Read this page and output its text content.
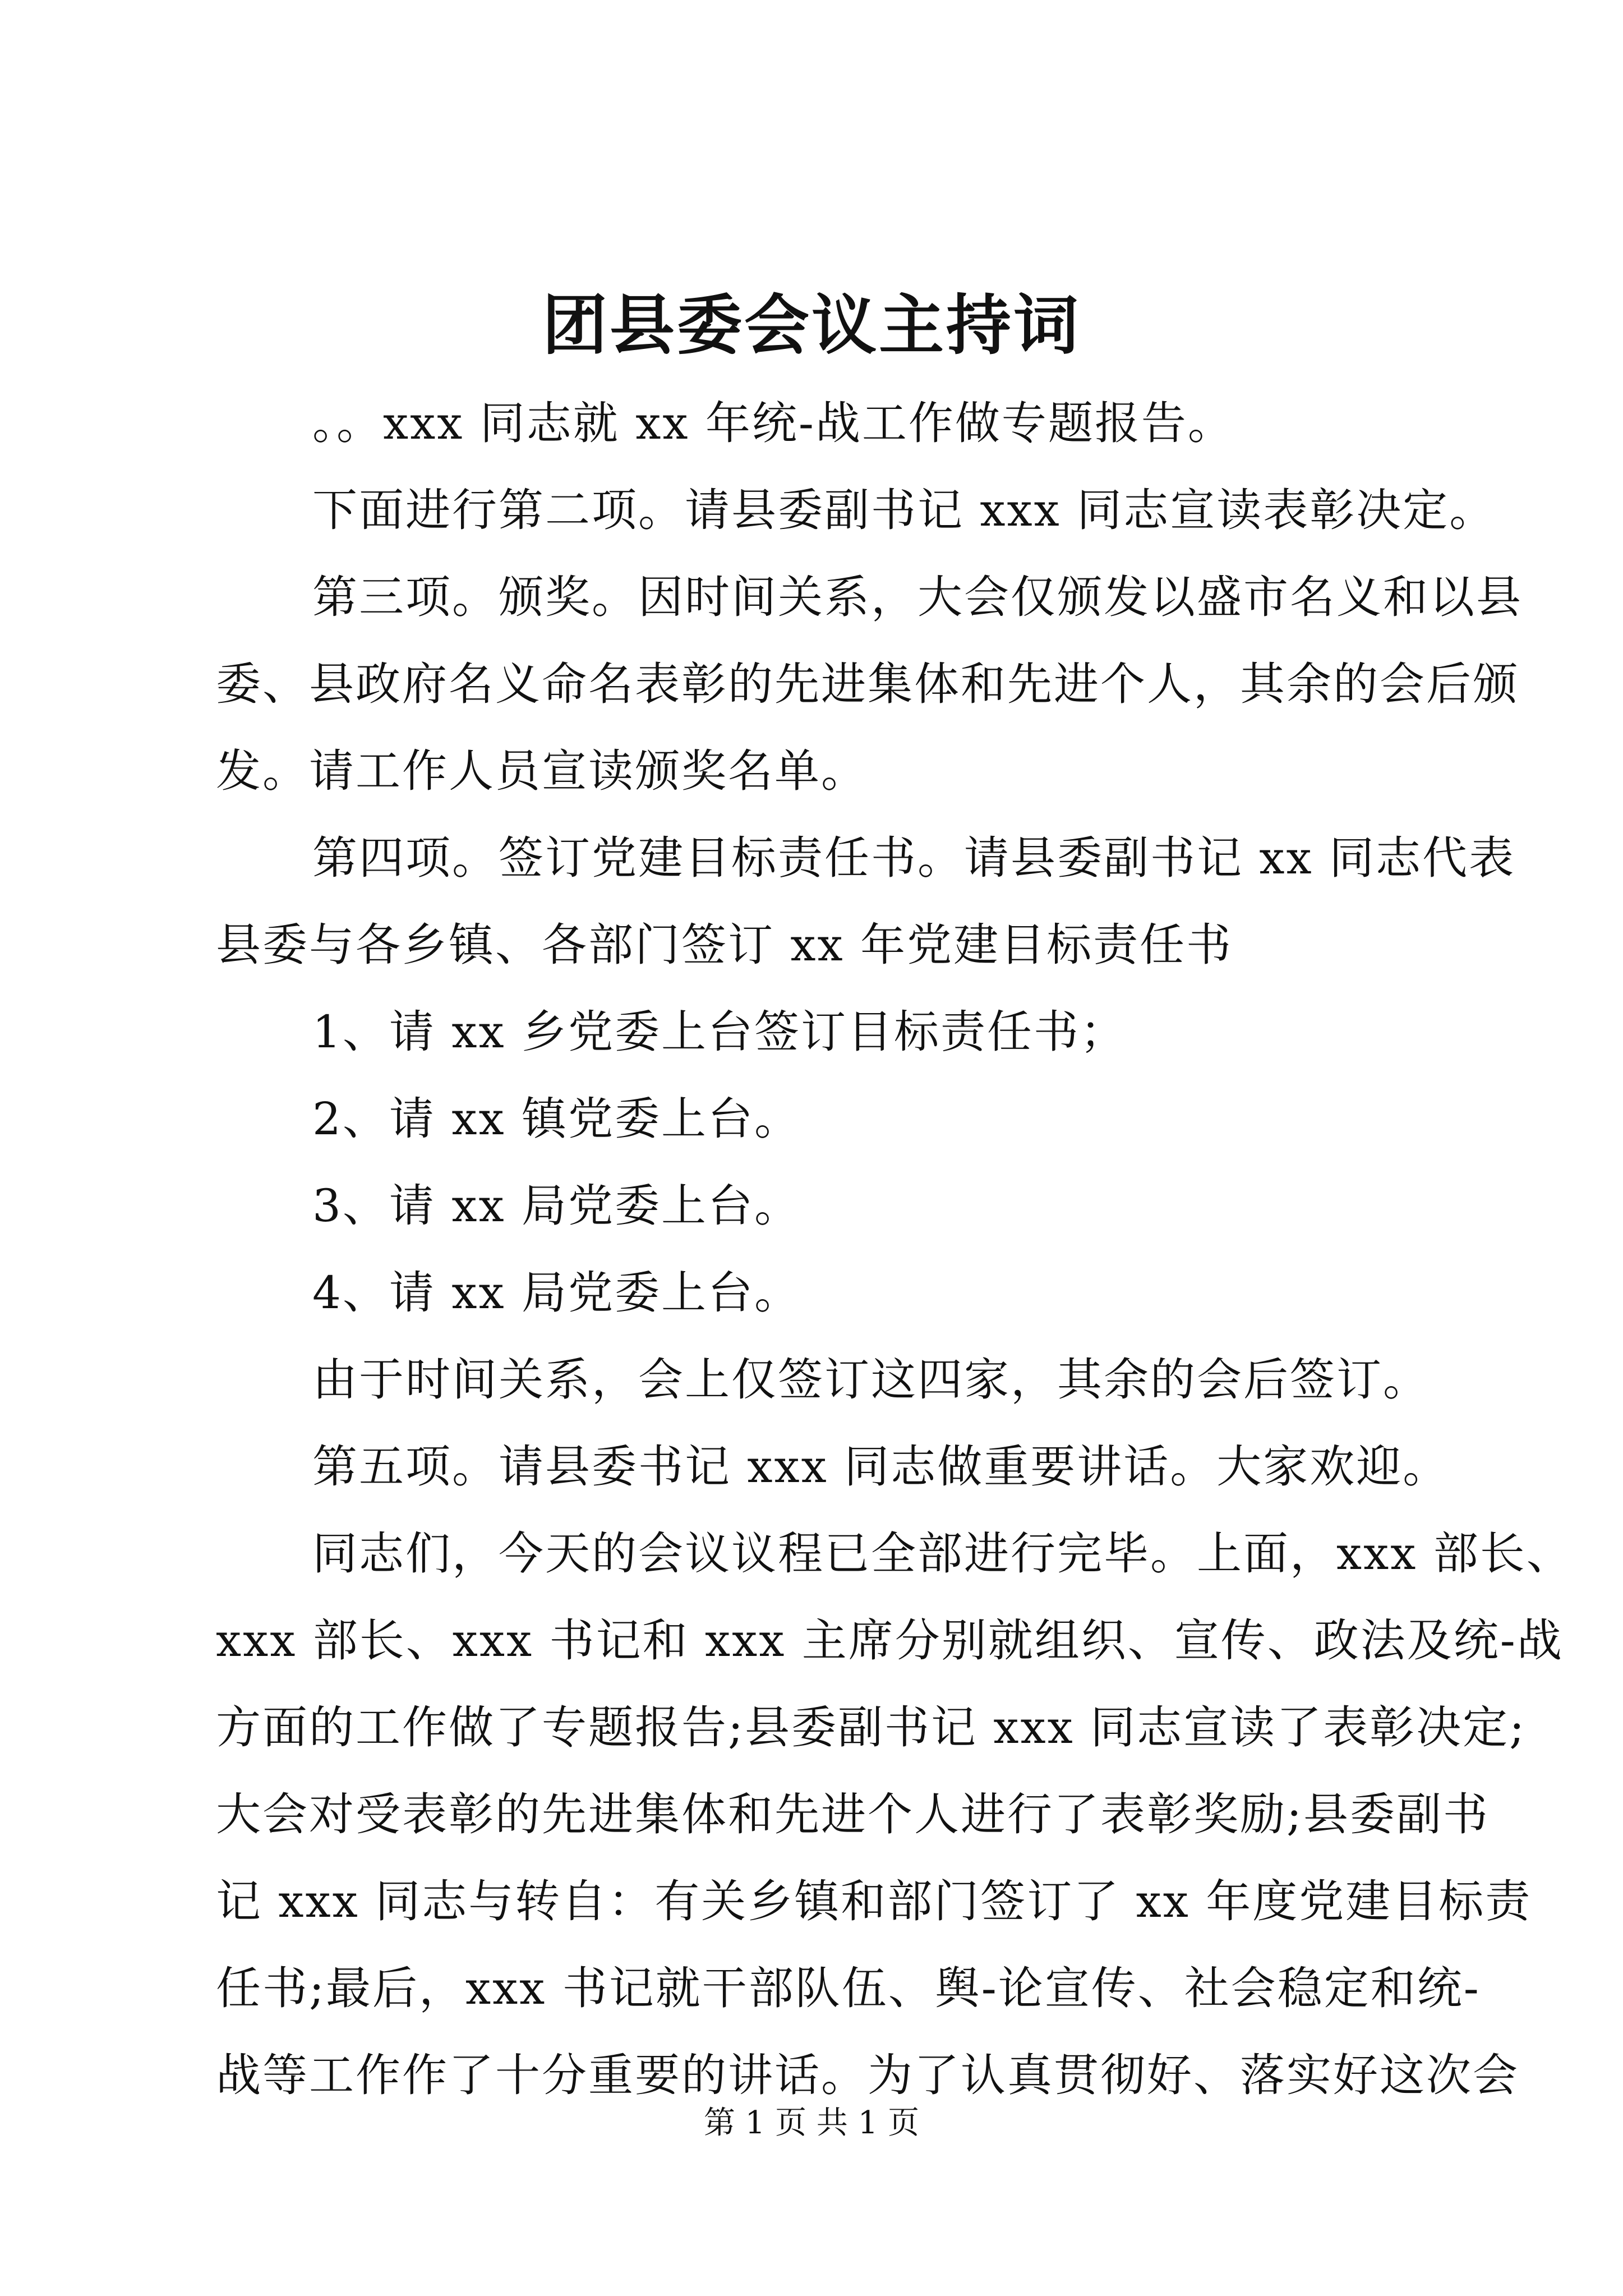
团县委会议主持词
。。xxx 同志就 xx 年统-战工作做专题报告。
下面进行第二项。请县委副书记 xxx 同志宣读表彰决定。
第三项。颁奖。因时间关系，大会仅颁发以盛市名义和以县
委、县政府名义命名表彰的先进集体和先进个人，其余的会后颁
发。请工作人员宣读颁奖名单。
第四项。签订党建目标责任书。请县委副书记 xx 同志代表
县委与各乡镇、各部门签订 xx 年党建目标责任书
1、请 xx 乡党委上台签订目标责任书；
2、请 xx 镇党委上台。
3、请 xx 局党委上台。
4、请 xx 局党委上台。
由于时间关系，会上仅签订这四家，其余的会后签订。
第五项。请县委书记 xxx 同志做重要讲话。大家欢迎。
同志们，今天的会议议程已全部进行完毕。上面，xxx 部长、
xxx 部长、xxx 书记和 xxx 主席分别就组织、宣传、政法及统-战
方面的工作做了专题报告;县委副书记 xxx 同志宣读了表彰决定;
大会对受表彰的先进集体和先进个人进行了表彰奖励;县委副书
记 xxx 同志与转自：有关乡镇和部门签订了 xx 年度党建目标责
任书;最后，xxx 书记就干部队伍、舆-论宣传、社会稳定和统-
战等工作作了十分重要的讲话。为了认真贯彻好、落实好这次会
第 1 页 共 1 页
